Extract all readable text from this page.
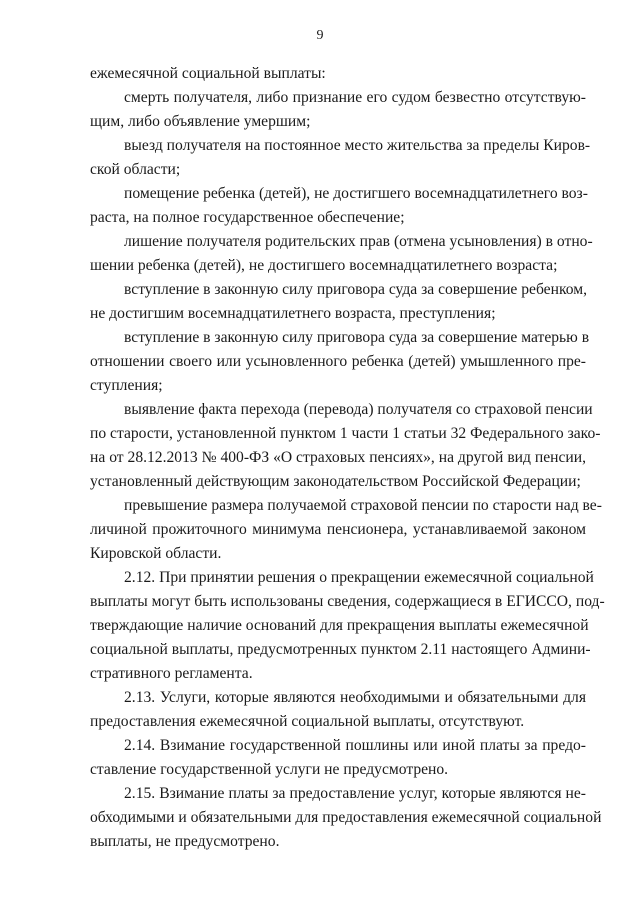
9
ежемесячной социальной выплаты:
смерть получателя, либо признание его судом безвестно отсутствую-
щим, либо объявление умершим;
выезд получателя на постоянное место жительства за пределы Киров-
ской области;
помещение ребенка (детей), не достигшего восемнадцатилетнего воз-
раста, на полное государственное обеспечение;
лишение получателя родительских прав (отмена усыновления) в отно-
шении ребенка (детей), не достигшего восемнадцатилетнего возраста;
вступление в законную силу приговора суда за совершение ребенком,
не достигшим восемнадцатилетнего возраста, преступления;
вступление в законную силу приговора суда за совершение матерью в
отношении своего или усыновленного ребенка (детей) умышленного пре-
ступления;
выявление факта перехода (перевода) получателя со страховой пенсии
по старости, установленной пунктом 1 части 1 статьи 32 Федерального зако-
на от 28.12.2013 № 400-ФЗ «О страховых пенсиях», на другой вид пенсии,
установленный действующим законодательством Российской Федерации;
превышение размера получаемой страховой пенсии по старости над ве-
личиной прожиточного минимума пенсионера, устанавливаемой законом
Кировской области.
2.12. При принятии решения о прекращении ежемесячной социальной
выплаты могут быть использованы сведения, содержащиеся в ЕГИССО, под-
тверждающие наличие оснований для прекращения выплаты ежемесячной
социальной выплаты, предусмотренных пунктом 2.11 настоящего Админи-
стративного регламента.
2.13. Услуги, которые являются необходимыми и обязательными для
предоставления ежемесячной социальной выплаты, отсутствуют.
2.14. Взимание государственной пошлины или иной платы за предо-
ставление государственной услуги не предусмотрено.
2.15. Взимание платы за предоставление услуг, которые являются не-
обходимыми и обязательными для предоставления ежемесячной социальной
выплаты, не предусмотрено.
